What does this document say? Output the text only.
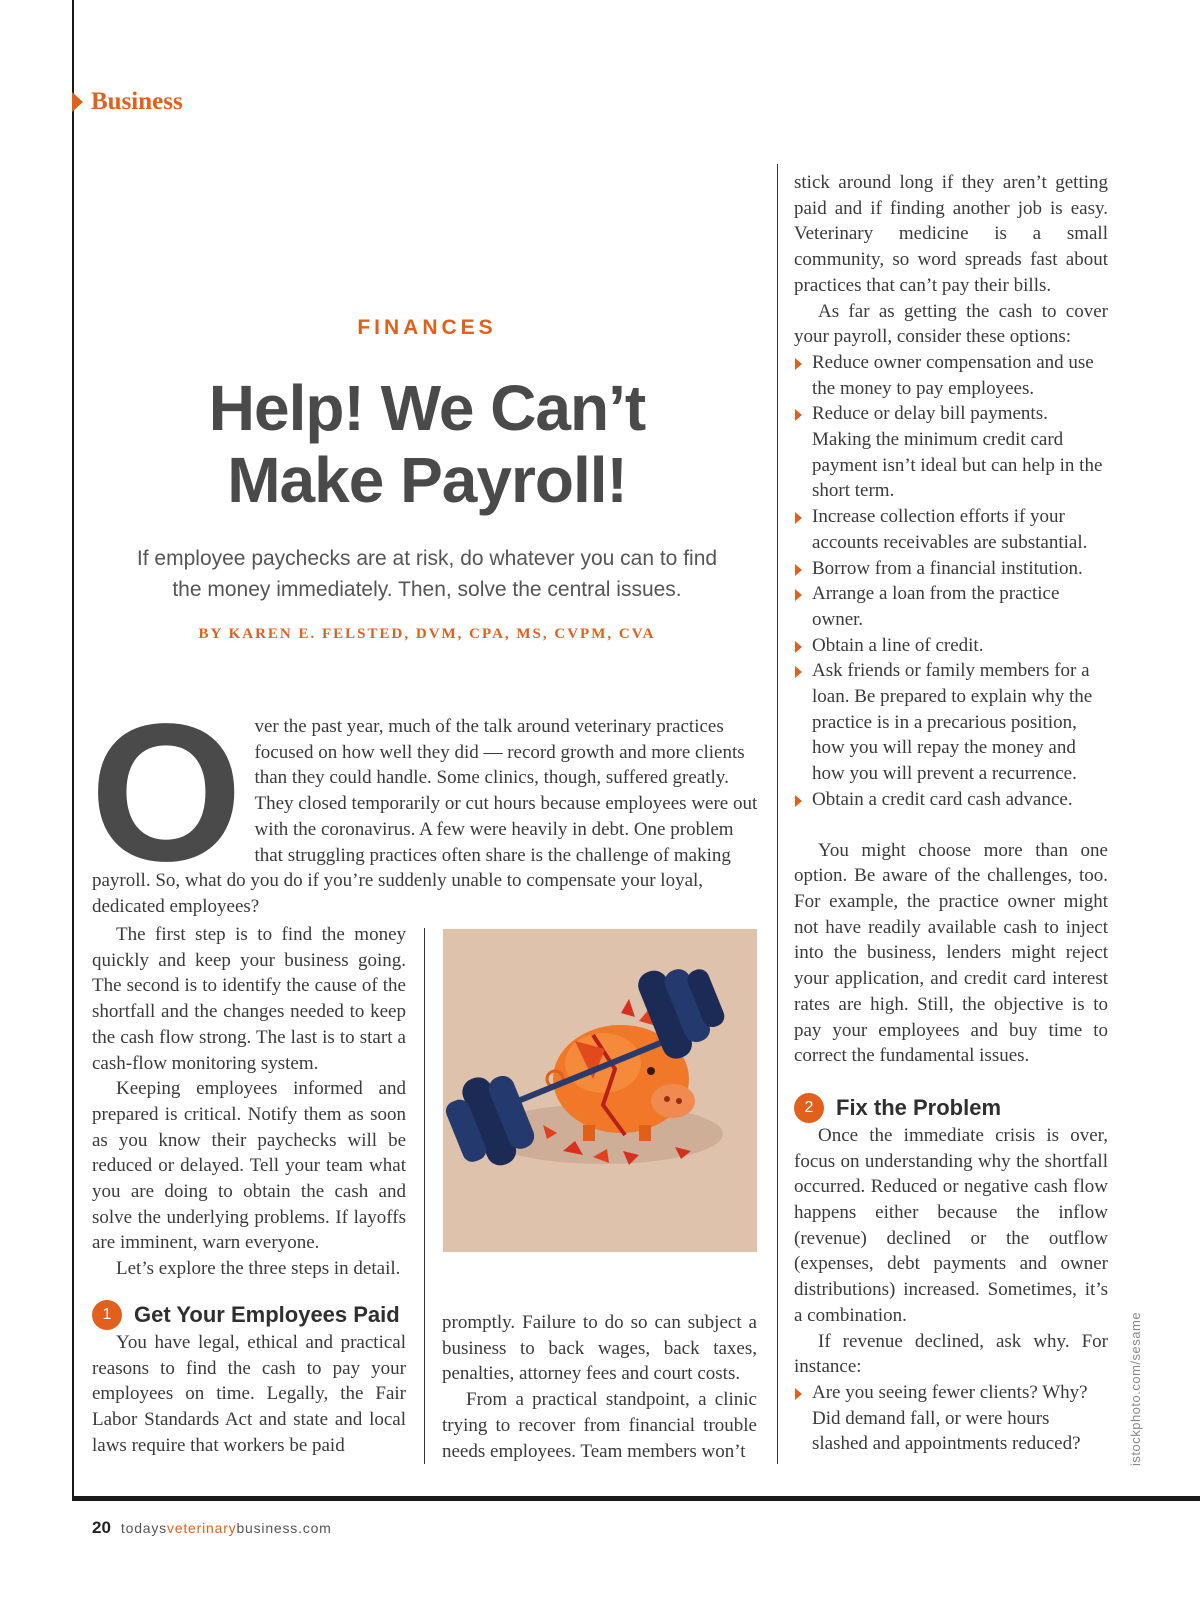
Business
FINANCES
Help! We Can’t
Make Payroll!
If employee paychecks are at risk, do whatever you can to find
the money immediately. Then, solve the central issues.
BY KAREN E. FELSTED, DVM, CPA, MS, CVPM, CVA
O ver the past year, much of the talk around veterinary practices focused on how well they did — record growth and more clients than they could handle. Some clinics, though, suffered greatly. They closed temporarily or cut hours because employees were out with the coronavirus. A few were heavily in debt. One problem that struggling practices often share is the challenge of making payroll. So, what do you do if you’re suddenly unable to compensate your loyal, dedicated employees?

The first step is to find the money quickly and keep your business going. The second is to identify the cause of the shortfall and the changes needed to keep the cash flow strong. The last is to start a cash-flow monitoring system.

Keeping employees informed and prepared is critical. Notify them as soon as you know their paychecks will be reduced or delayed. Tell your team what you are doing to obtain the cash and solve the underlying problems. If layoffs are imminent, warn everyone.

Let’s explore the three steps in detail.

1	Get Your Employees Paid

You have legal, ethical and practical reasons to find the cash to pay your employees on time. Legally, the Fair Labor Standards Act and state and local laws require that workers be paid

promptly. Failure to do so can subject a business to back wages, back taxes, penalties, attorney fees and court costs.

From a practical standpoint, a clinic trying to recover from financial trouble needs employees. Team members won’t

stick around long if they aren’t getting paid and if finding another job is easy. Veterinary medicine is a small community, so word spreads fast about practices that can’t pay their bills.

As far as getting the cash to cover your payroll, consider these options:

Reduce owner compensation and use the money to pay employees.
Reduce or delay bill payments. Making the minimum credit card payment isn’t ideal but can help in the short term.
Increase collection efforts if your accounts receivables are substantial.
Borrow from a financial institution.
Arrange a loan from the practice owner.
Obtain a line of credit.
Ask friends or family members for a loan. Be prepared to explain why the practice is in a precarious position, how you will repay the money and how you will prevent a recurrence.
Obtain a credit card cash advance.

You might choose more than one option. Be aware of the challenges, too. For example, the practice owner might not have readily available cash to inject into the business, lenders might reject your application, and credit card interest rates are high. Still, the objective is to pay your employees and buy time to correct the fundamental issues.

2	Fix the Problem

Once the immediate crisis is over, focus on understanding why the shortfall occurred. Reduced or negative cash flow happens either because the inflow (revenue) declined or the outflow (expenses, debt payments and owner distributions) increased. Sometimes, it’s a combination.

If revenue declined, ask why. For instance:

Are you seeing fewer clients? Why? Did demand fall, or were hours slashed and appointments reduced?	istockphoto.com/sesame
20 todaysveterinarybusiness.com
